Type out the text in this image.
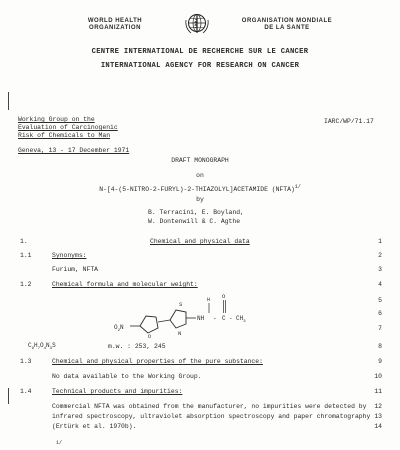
WORLD HEALTH
ORGANIZATION
ORGANISATION MONDIALE
DE LA SANTE
CENTRE INTERNATIONAL DE RECHERCHE SUR LE CANCER
INTERNATIONAL AGENCY FOR RESEARCH ON CANCER
Working Group on the
Evaluation of Carcinogenic
Risk of Chemicals to Man
IARC/WP/71.17
Geneva, 13 - 17 December 1971
DRAFT MONOGRAPH
on
N-[4-(5-NITRO-2-FURYL)-2-THIAZOLYL]ACETAMIDE (NFTA)$^{1/}$
by
B. Terracini, E. Boyland,
W. Dontenwill & C. Agthe
1.	Chemical and physical data
1.1	Synonyms:
Furium, NFTA
1.2	Chemical formula and molecular weight:
$O_2N$
O
S
N
NH
H
- C
O
- $CH_3$
$C_9H_7O_4N_3S$	m.w. : 253, 245
1.3	Chemical and physical properties of the pure substance:
No data available to the Working Group.
1.4	Technical products and impurities:
Commercial NFTA was obtained from the manufacturer, no impurities were detected by
infrared spectroscopy, ultraviolet absorption spectroscopy and paper chromatography
(Ertürk et al. 1970b).
1/
1
2
3
4
5
6
7
8
9
10
11
12
13
14
